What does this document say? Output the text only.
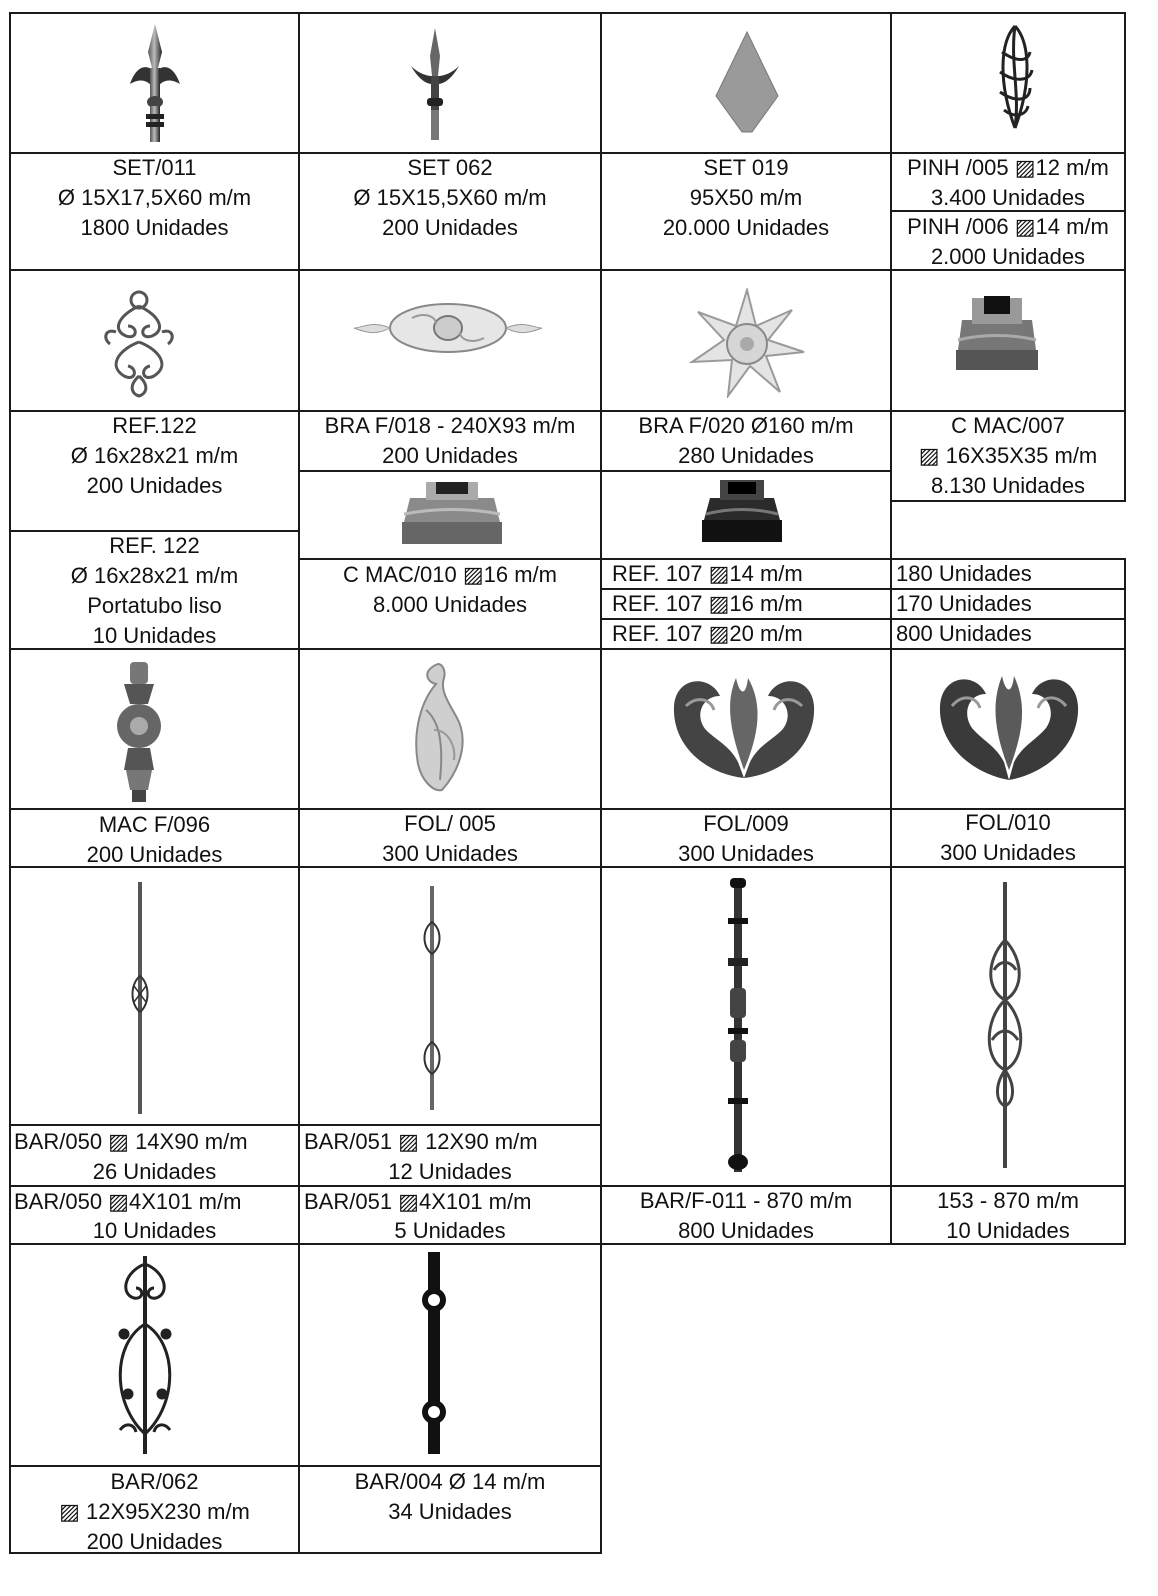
SET/011
Ø 15X17,5X60 m/m
1800 Unidades
SET 062
Ø 15X15,5X60 m/m
200 Unidades
SET 019
95X50 m/m
20.000 Unidades
PINH /005 ▨12 m/m
3.400 Unidades
PINH /006 ▨14 m/m
2.000 Unidades
REF.122
Ø 16x28x21 m/m
200 Unidades
REF. 122
Ø 16x28x21 m/m
Portatubo liso
10 Unidades
BRA F/018 - 240X93 m/m
200 Unidades
BRA F/020 Ø160 m/m
280 Unidades
C MAC/007
▨ 16X35X35 m/m
8.130 Unidades
C MAC/010 ▨16 m/m
8.000 Unidades
REF. 107 ▨14 m/m	180 Unidades
REF. 107 ▨16 m/m	170 Unidades
REF. 107 ▨20 m/m	800 Unidades
MAC F/096
200 Unidades
FOL/ 005
300 Unidades
FOL/009
300 Unidades
FOL/010
300 Unidades
BAR/050 ▨ 14X90 m/m
26 Unidades
BAR/051 ▨ 12X90 m/m
12 Unidades
BAR/050 ▨4X101 m/m
10 Unidades
BAR/051 ▨4X101 m/m
5 Unidades
BAR/F-011 - 870 m/m
800 Unidades
153 - 870 m/m
10 Unidades
BAR/062
▨ 12X95X230 m/m
200 Unidades
BAR/004 Ø 14 m/m
34 Unidades
